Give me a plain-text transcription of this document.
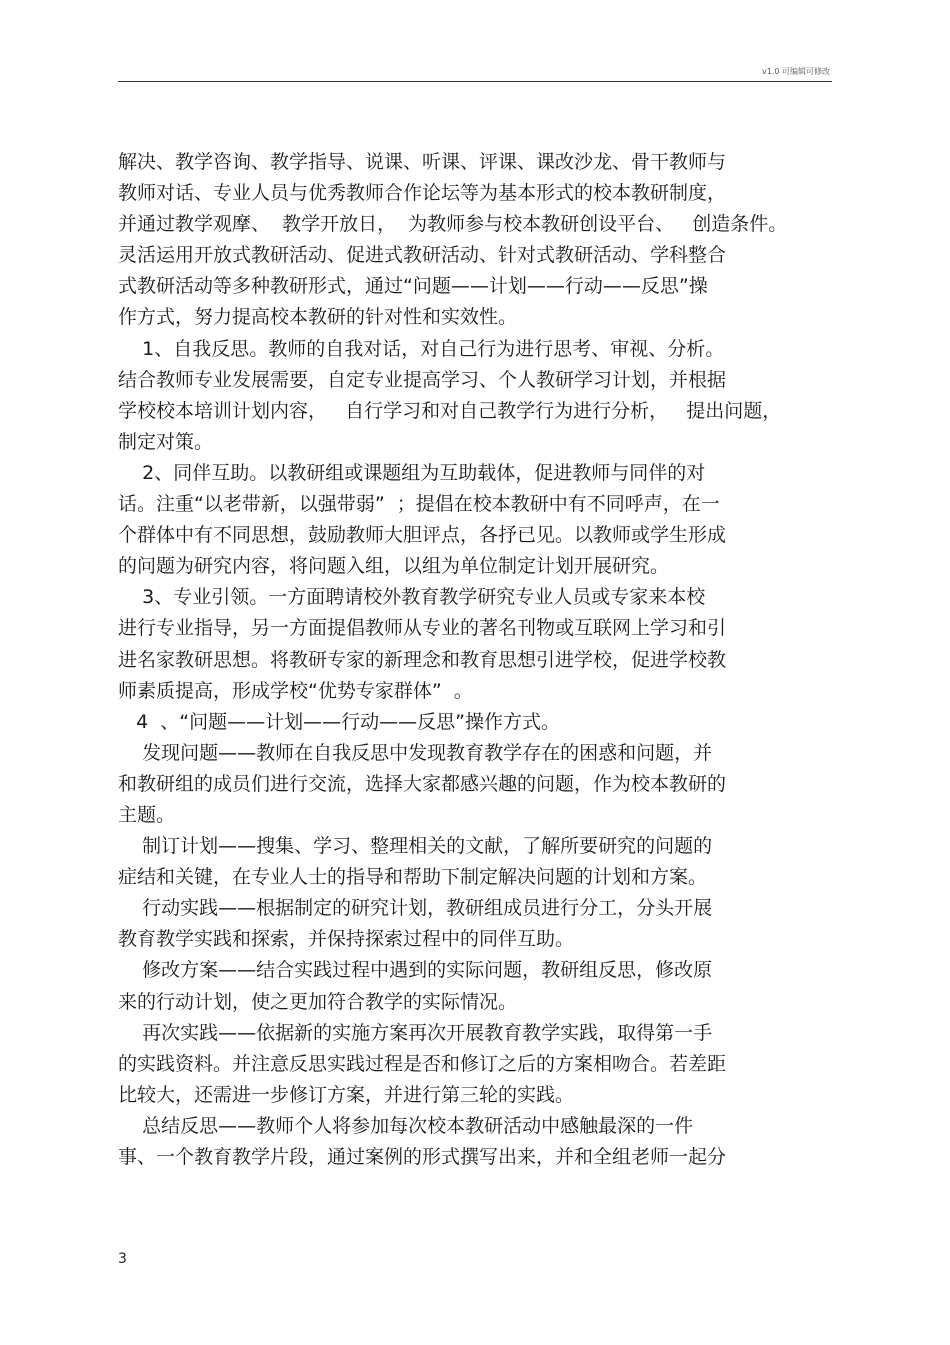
v1.0 可编辑可修改
解决、教学咨询、教学指导、说课、听课、评课、课改沙龙、骨干教师与
教师对话、专业人员与优秀教师合作论坛等为基本形式的校本教研制度，
并通过教学观摩、  教学开放日，  为教师参与校本教研创设平台、   创造条件。
灵活运用开放式教研活动、促进式教研活动、针对式教研活动、学科整合
式教研活动等多种教研形式，通过“问题——计划——行动——反思”操
作方式，努力提高校本教研的针对性和实效性。
1、自我反思。教师的自我对话，对自己行为进行思考、审视、分析。
结合教师专业发展需要，自定专业提高学习、个人教研学习计划，并根据
学校校本培训计划内容，   自行学习和对自己教学行为进行分析，   提出问题，
制定对策。
2、同伴互助。以教研组或课题组为互助载体，促进教师与同伴的对
话。注重“以老带新，以强带弱”  ；提倡在校本教研中有不同呼声，在一
个群体中有不同思想，鼓励教师大胆评点，各抒已见。以教师或学生形成
的问题为研究内容，将问题入组，以组为单位制定计划开展研究。
3、专业引领。一方面聘请校外教育教学研究专业人员或专家来本校
进行专业指导，另一方面提倡教师从专业的著名刊物或互联网上学习和引
进名家教研思想。将教研专家的新理念和教育思想引进学校，促进学校教
师素质提高，形成学校“优势专家群体”  。
4  、“问题——计划——行动——反思”操作方式。
发现问题——教师在自我反思中发现教育教学存在的困惑和问题，并
和教研组的成员们进行交流，选择大家都感兴趣的问题，作为校本教研的
主题。
制订计划——搜集、学习、整理相关的文献，了解所要研究的问题的
症结和关键，在专业人士的指导和帮助下制定解决问题的计划和方案。
行动实践——根据制定的研究计划，教研组成员进行分工，分头开展
教育教学实践和探索，并保持探索过程中的同伴互助。
修改方案——结合实践过程中遇到的实际问题，教研组反思，修改原
来的行动计划，使之更加符合教学的实际情况。
再次实践——依据新的实施方案再次开展教育教学实践，取得第一手
的实践资料。并注意反思实践过程是否和修订之后的方案相吻合。若差距
比较大，还需进一步修订方案，并进行第三轮的实践。
总结反思——教师个人将参加每次校本教研活动中感触最深的一件
事、一个教育教学片段，通过案例的形式撰写出来，并和全组老师一起分
3
